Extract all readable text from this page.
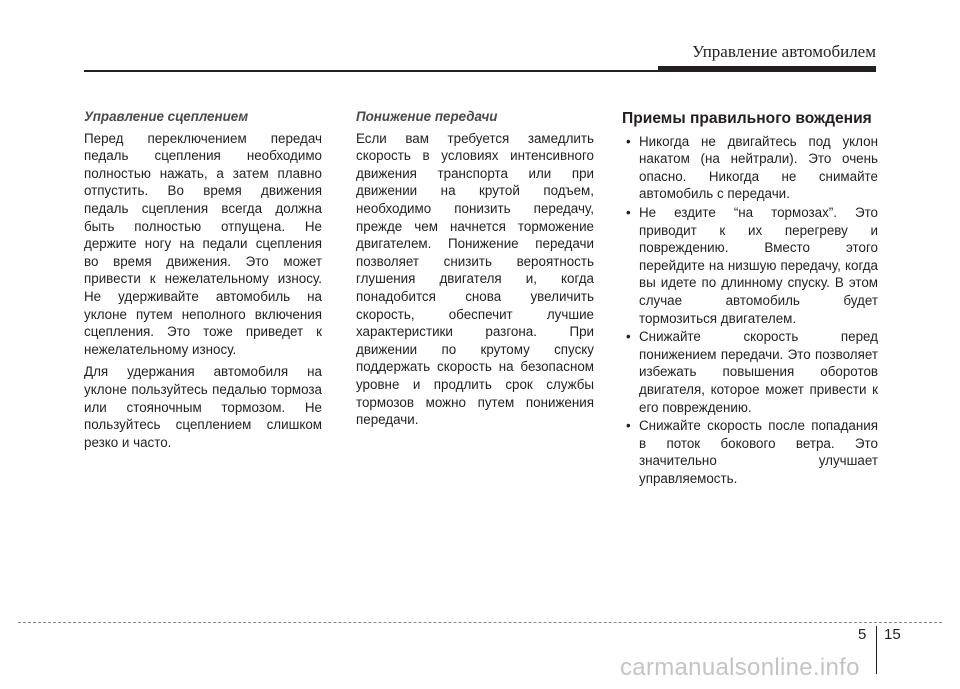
Управление автомобилем
Управление сцеплением

Перед переключением передач педаль сцепления необходимо полностью нажать, а затем плавно отпустить. Во время движения педаль сцепления всегда должна быть полностью отпущена. Не держите ногу на педали сцепления во время движения. Это может привести к нежелательному износу. Не удерживайте автомобиль на уклоне путем неполного включения сцепления. Это тоже приведет к нежелательному износу.

Для удержания автомобиля на уклоне пользуйтесь педалью тормоза или стояночным тормозом. Не пользуйтесь сцеплением слишком резко и часто.

Понижение передачи

Если вам требуется замедлить скорость в условиях интенсивного движения транспорта или при движении на крутой подъем, необходимо понизить передачу, прежде чем начнется торможение двигателем. Понижение передачи позволяет снизить вероятность глушения двигателя и, когда понадобится снова увеличить скорость, обеспечит лучшие характеристики разгона. При движении по крутому спуску поддержать скорость на безопасном уровне и продлить срок службы тормозов можно путем понижения передачи.

Приемы правильного вождения
• Никогда не двигайтесь под уклон накатом (на нейтрали). Это очень опасно. Никогда не снимайте автомобиль с передачи.
• Не ездите “на тормозах”. Это приводит к их перегреву и повреждению. Вместо этого перейдите на низшую передачу, когда вы идете по длинному спуску. В этом случае автомобиль будет тормозиться двигателем.
• Снижайте скорость перед понижением передачи. Это позволяет избежать повышения оборотов двигателя, которое может привести к его повреждению.
• Снижайте скорость после попадания в поток бокового ветра. Это значительно улучшает управляемость.
5 15
carmanualsonline.info
